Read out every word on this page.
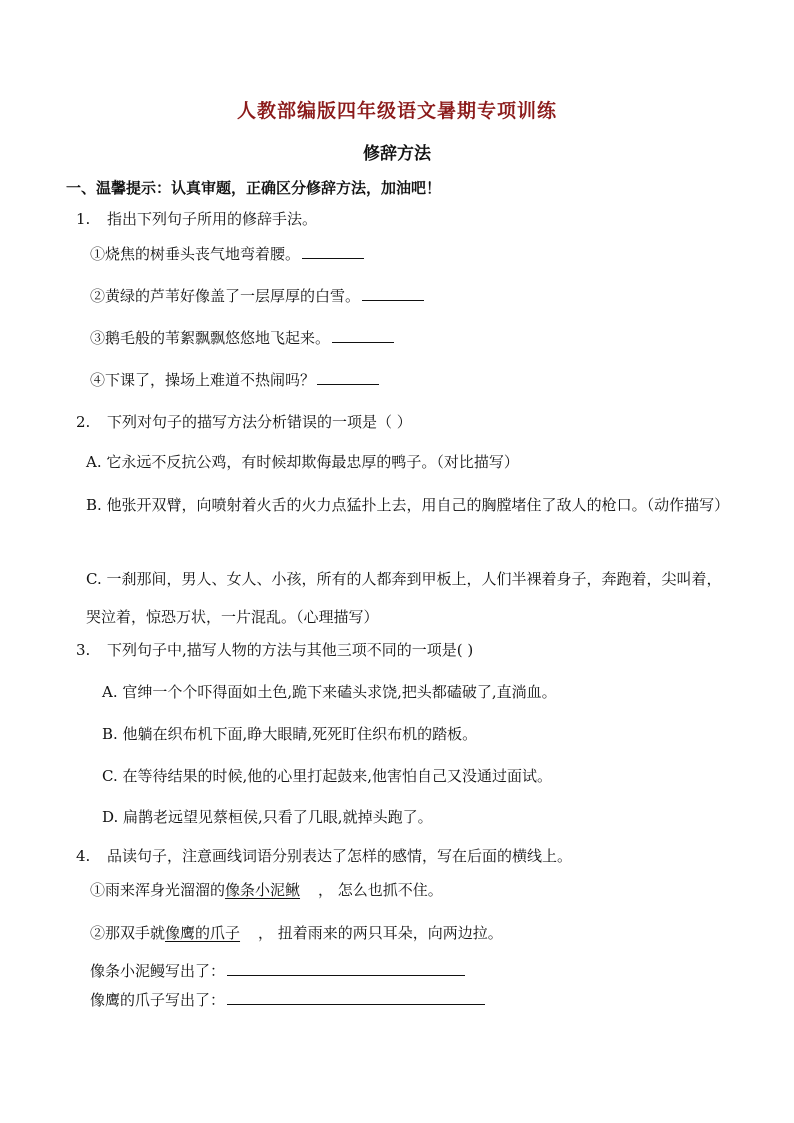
人教部编版四年级语文暑期专项训练
修辞方法
一、温馨提示：认真审题，正确区分修辞方法，加油吧！
1. 指出下列句子所用的修辞手法。
①烧焦的树垂头丧气地弯着腰。
②黄绿的芦苇好像盖了一层厚厚的白雪。
③鹅毛般的苇絮飘飘悠悠地飞起来。
④下课了，操场上难道不热闹吗？
2. 下列对句子的描写方法分析错误的一项是（ ）
A. 它永远不反抗公鸡，有时候却欺侮最忠厚的鸭子。（对比描写）
B. 他张开双臂，向喷射着火舌的火力点猛扑上去，用自己的胸膛堵住了敌人的枪口。（动作描写）
C. 一刹那间，男人、女人、小孩，所有的人都奔到甲板上，人们半裸着身子，奔跑着，尖叫着，哭泣着，惊恐万状，一片混乱。（心理描写）
3. 下列句子中,描写人物的方法与其他三项不同的一项是( )
A. 官绅一个个吓得面如土色,跪下来磕头求饶,把头都磕破了,直淌血。
B. 他躺在织布机下面,睁大眼睛,死死盯住织布机的踏板。
C. 在等待结果的时候,他的心里打起鼓来,他害怕自己又没通过面试。
D. 扁鹊老远望见蔡桓侯,只看了几眼,就掉头跑了。
4. 品读句子，注意画线词语分别表达了怎样的感情，写在后面的横线上。
①雨来浑身光溜溜的像条小泥鳅 ， 怎么也抓不住。
②那双手就像鹰的爪子 ， 扭着雨来的两只耳朵，向两边拉。
像条小泥鳗写出了：
像鹰的爪子写出了：
